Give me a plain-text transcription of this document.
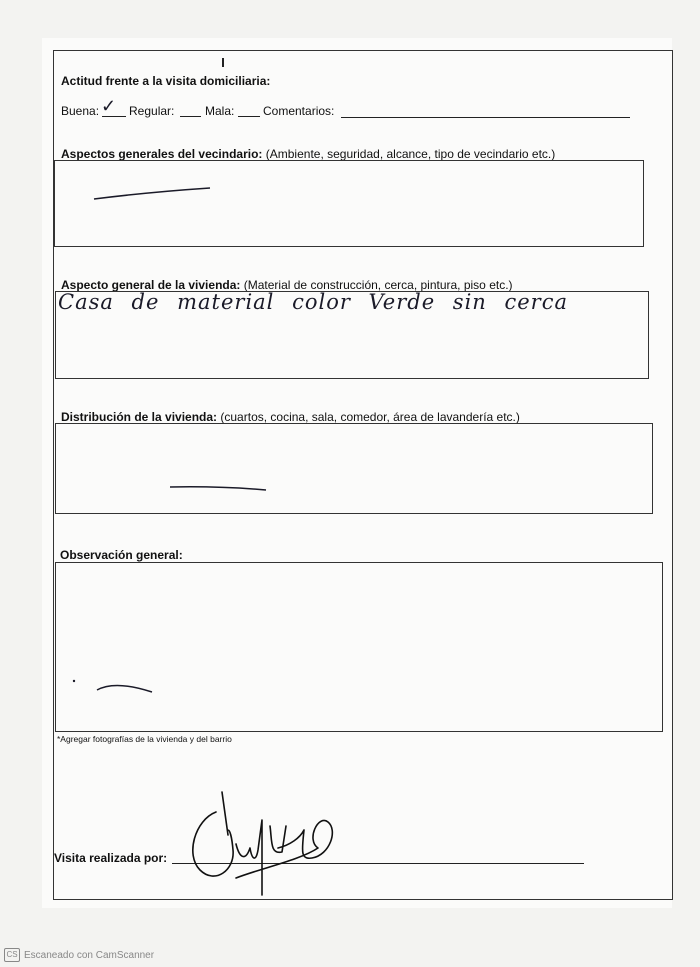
Actitud frente a la visita domiciliaria:
Buena: ✓ Regular:	Mala: Comentarios:
Aspectos generales del vecindario: (Ambiente, seguridad, alcance, tipo de vecindario etc.)
Aspecto general de la vivienda: (Material de construcción, cerca, pintura, piso etc.)
Casa de material color Verde sin cerca
Distribución de la vivienda: (cuartos, cocina, sala, comedor, área de lavandería etc.)
Observación general:
*Agregar fotografías de la vivienda y del barrio
Visita realizada por:
CS Escaneado con CamScanner
